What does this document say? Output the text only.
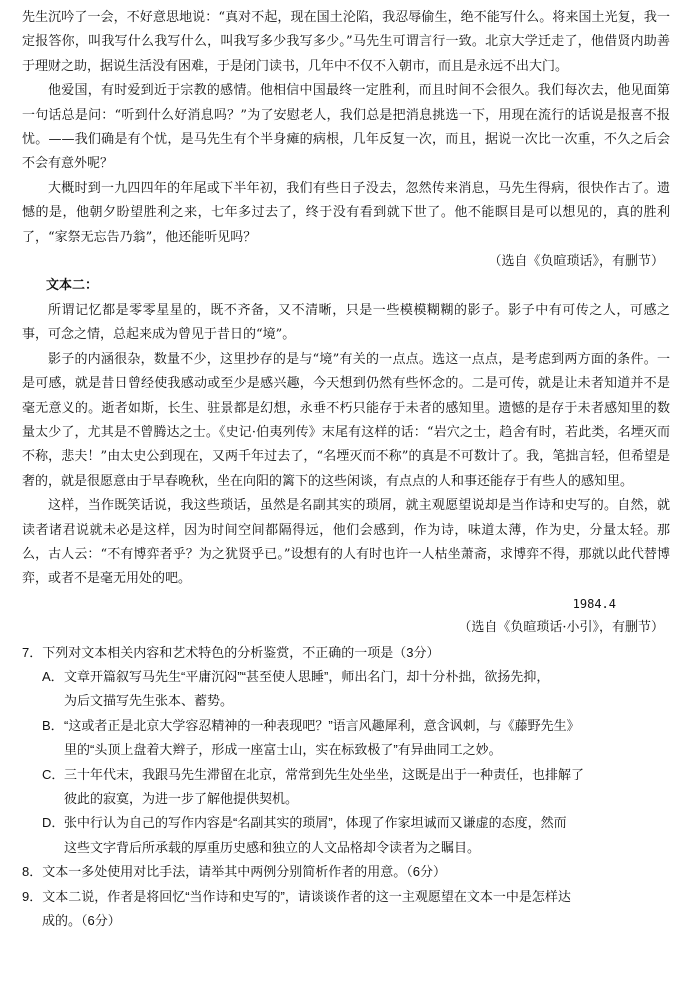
先生沉吟了一会，不好意思地说：“真对不起，现在国土沦陷，我忍辱偷生，绝不能写什么。将来国土光复，我一定报答你，叫我写什么我写什么，叫我写多少我写多少。”马先生可谓言行一致。北京大学迁走了，他借贤内助善于理财之助，据说生活没有困难，于是闭门读书，几年中不仅不入朝市，而且是永远不出大门。

他爱国，有时爱到近于宗教的感情。他相信中国最终一定胜利，而且时间不会很久。我们每次去，他见面第一句话总是问：“听到什么好消息吗？”为了安慰老人，我们总是把消息挑选一下，用现在流行的话说是报喜不报忧。——我们确是有个忧，是马先生有个半身瘫的病根，几年反复一次，而且，据说一次比一次重，不久之后会不会有意外呢？

大概时到一九四四年的年尾或下半年初，我们有些日子没去，忽然传来消息，马先生得病，很快作古了。遗憾的是，他朝夕盼望胜利之来，七年多过去了，终于没有看到就下世了。他不能瞑目是可以想见的，真的胜利了，“家祭无忘告乃翁”，他还能听见吗？

（选自《负暄琐话》，有删节）

文本二：

所谓记忆都是零零星星的，既不齐备，又不清晰，只是一些模模糊糊的影子。影子中有可传之人，可感之事，可念之情，总起来成为曾见于昔日的“境”。

影子的内涵很杂，数量不少，这里抄存的是与“境”有关的一点点。选这一点点，是考虑到两方面的条件。一是可感，就是昔日曾经使我感动或至少是感兴趣，今天想到仍然有些怀念的。二是可传，就是让未者知道并不是毫无意义的。逝者如斯，长生、驻景都是幻想，永垂不朽只能存于未者的感知里。遗憾的是存于未者感知里的数量太少了，尤其是不曾腾达之士。《史记·伯夷列传》末尾有这样的话：“岩穴之士，趋舍有时，若此类，名堙灭而不称，悲夫！”由太史公到现在，又两千年过去了，“名堙灭而不称”的真是不可数计了。我，笔拙言轻，但希望是奢的，就是很愿意由于早春晚秋，坐在向阳的篱下的这些闲谈，有点点的人和事还能存于有些人的感知里。

这样，当作既笑话说，我这些琐话，虽然是名副其实的琐屑，就主观愿望说却是当作诗和史写的。自然，就读者诸君说就未必是这样，因为时间空间都隔得远，他们会感到，作为诗，味道太薄，作为史，分量太轻。那么，古人云：“不有博弈者乎？为之犹贤乎已。”设想有的人有时也许一人枯坐萧斋，求博弈不得，那就以此代替博弈，或者不是毫无用处的吧。

1984.4

（选自《负暄琐话·小引》，有删节）

7．下列对文本相关内容和艺术特色的分析鉴赏，不正确的一项是（3分）

A．文章开篇叙写马先生“平庸沉闷”“甚至使人思睡”，师出名门，却十分朴拙，欲扬先抑，

为后文描写先生张本、蓄势。

B．“这或者正是北京大学容忍精神的一种表现吧？”语言风趣犀利，意含讽刺，与《藤野先生》

里的“头顶上盘着大辫子，形成一座富士山，实在标致极了”有异曲同工之妙。

C．三十年代末，我跟马先生滞留在北京，常常到先生处坐坐，这既是出于一种责任，也排解了

彼此的寂寞，为进一步了解他提供契机。

D．张中行认为自己的写作内容是“名副其实的琐屑”，体现了作家坦诚而又谦虚的态度，然而

这些文字背后所承载的厚重历史感和独立的人文品格却令读者为之瞩目。

8．文本一多处使用对比手法，请举其中两例分别简析作者的用意。（6分）

9．文本二说，作者是将回忆“当作诗和史写的”，请谈谈作者的这一主观愿望在文本一中是怎样达

成的。（6分）
